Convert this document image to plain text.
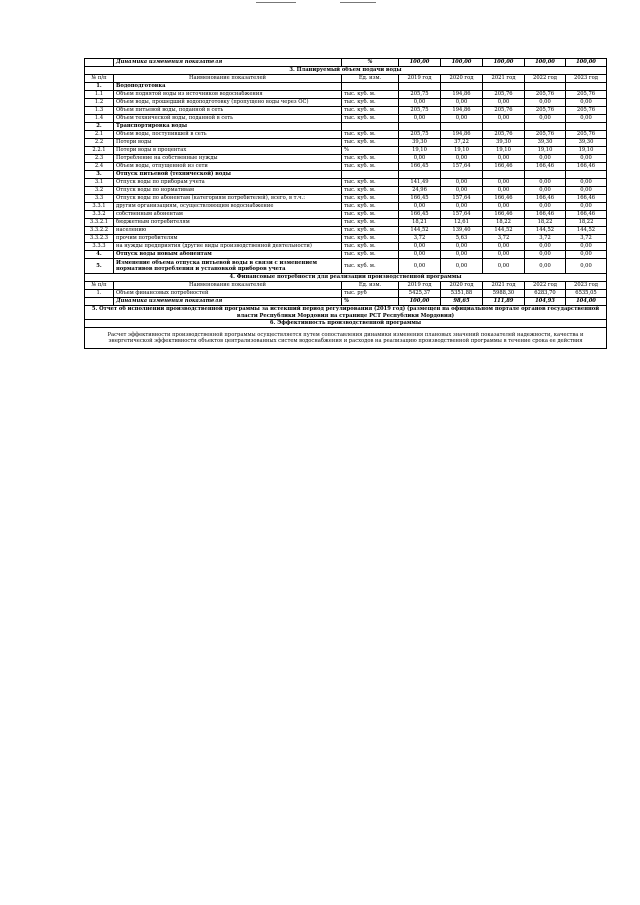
	Динамика изменения показателя	%	100,00	100,00	100,00	100,00	100,00
3. Планируемый объем подачи воды							
№ п/п	Наименование показателей	Ед. изм.	2019 год	2020 год	2021 год	2022 год	2023 год
1.	Водоподготовка						
1.1	Объем поднятой воды из источников водоснабжения	тыс. куб. м.	205,75	194,86	205,76	205,76	205,76
1.2	Объем воды, прошедший водоподготовку (пропущено воды через ОС)	тыс. куб. м.	0,00	0,00	0,00	0,00	0,00
1.3	Объем питьевой воды, поданной в сеть	тыс. куб. м.	205,75	194,86	205,76	205,76	205,76
1.4	Объем технической воды, поданной в сеть	тыс. куб. м.	0,00	0,00	0,00	0,00	0,00
2.	Транспортировка воды						
2.1	Объем воды, поступившей в сеть	тыс. куб. м.	205,75	194,86	205,76	205,76	205,76
2.2	Потери воды	тыс. куб. м.	39,30	37,22	39,30	39,30	39,30
2.2.1	Потери воды в процентах	%	19,10	19,10	19,10	19,10	19,10
2.3	Потребление на собственные нужды	тыс. куб. м.	0,00	0,00	0,00	0,00	0,00
2.4	Объем воды, отпущенной из сети	тыс. куб. м.	166,45	157,64	166,46	166,46	166,46
3.	Отпуск питьевой (технической) воды						
3.1	Отпуск воды по приборам учета	тыс. куб. м.	141,49	0,00	0,00	0,00	0,00
3.2	Отпуск воды по нормативам	тыс. куб. м.	24,96	0,00	0,00	0,00	0,00
3.3	Отпуск воды по абонентам (категориям потребителей), всего, в т.ч.:	тыс. куб. м.	166,45	157,64	166,46	166,46	166,46
3.3.1	другим организациям, осуществляющим водоснабжение	тыс. куб. м.	0,00	0,00	0,00	0,00	0,00
3.3.2	собственным абонентам	тыс. куб. м.	166,45	157,64	166,46	166,46	166,46
3.3.2.1	бюджетным потребителям	тыс. куб. м.	18,21	12,61	18,22	18,22	18,22
3.3.2.2	населению	тыс. куб. м.	144,52	139,40	144,52	144,52	144,52
3.3.2.3	прочим потребителям	тыс. куб. м.	3,72	5,63	3,72	3,72	3,72
3.3.3	на нужды предприятия (другие виды производственной деятельности)	тыс. куб. м.	0,00	0,00	0,00	0,00	0,00
4.	Отпуск воды новым абонентам	тыс. куб. м.	0,00	0,00	0,00	0,00	0,00
5.	Изменение объема отпуска питьевой воды в связи с изменением нормативов потребления и установкой приборов учета	тыс. куб. м.	0,00	0,00	0,00	0,00	0,00
4. Финансовые потребности для реализации производственной программы							
№ п/п	Наименование показателей	Ед. изм.	2019 год	2020 год	2021 год	2022 год	2023 год
1.	Объем финансовых потребностей	тыс. руб	5425,37	5351,88	5988,30	6283,70	6535,05
	Динамика изменения показателя	%	100,00	98,65	111,89	104,93	104,00
5. Отчет об исполнении производственной программы за истекший период регулирования (2019 год) (размещен на официальном портале органов государственной власти Республики Мордовия на странице РСТ Республики Мордовия)							
6. Эффективность производственной программы							
Расчет эффективности производственной программы осуществляется путем сопоставления динамики изменения плановых значений показателей надежности, качества и энергетической эффективности объектов централизованных систем водоснабжения и расходов на реализацию производственной программы в течение срока ее действия							
